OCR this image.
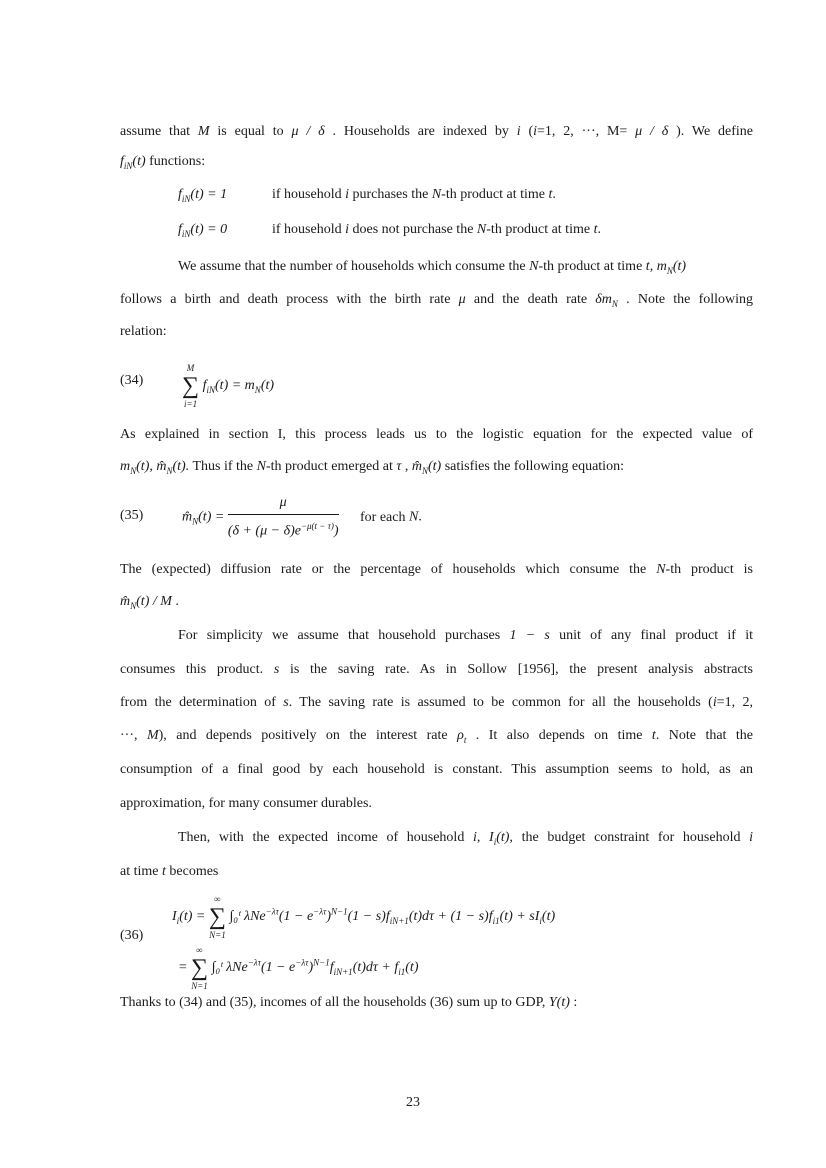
assume that M is equal to μ / δ . Households are indexed by i (i=1, 2, ···, M= μ / δ ). We define
$f_{iN}(t)$ functions:
$f_{iN}(t) = 1$	if household i purchases the N-th product at time t.
$f_{iN}(t) = 0$	if household i does not purchase the N-th product at time t.
We assume that the number of households which consume the N-th product at time t, $m_N(t)$
follows a birth and death process with the birth rate μ and the death rate $\delta m_N$ . Note the following
relation:
(34)
M
∑
i=1
$f_{iN}(t) = m_N(t)$
As explained in section I, this process leads us to the logistic equation for the expected value of
$m_N(t)$, $m̂_N(t)$. Thus if the N-th product emerged at τ , $m̂_N(t)$ satisfies the following equation:
(35)	$m̂_N(t) = \frac{\mu}{(\delta + (\mu - \delta)e^{-\mu(t - \tau)})}$ for each N.
The (expected) diffusion rate or the percentage of households which consume the N-th product is
$m̂_N(t)$ / M .
For simplicity we assume that household purchases 1 − s unit of any final product if it
consumes this product. s is the saving rate. As in Sollow [1956], the present analysis abstracts
from the determination of s. The saving rate is assumed to be common for all the households (i=1, 2,
···, M), and depends positively on the interest rate $\rho_t$ . It also depends on time t. Note that the
consumption of a final good by each household is constant. This assumption seems to hold, as an
approximation, for many consumer durables.
Then, with the expected income of household i, $I_i(t)$, the budget constraint for household i
at time t becomes
(36)
$I_i(t)$ =
∞
∑
N=1
∫₀ᵗ $\lambda Ne^{-\lambda\tau}(1 - e^{-\lambda\tau})^{N-1}(1 - s)f_{iN+1}(t)d\tau + (1 - s)f_{i1}(t) + sI_i(t)$
=
∞
∑
N=1
∫₀ᵗ $\lambda Ne^{-\lambda\tau}(1 - e^{-\lambda\tau})^{N-1}f_{iN+1}(t)d\tau + f_{i1}(t)$
Thanks to (34) and (35), incomes of all the households (36) sum up to GDP, Y(t) :
23
